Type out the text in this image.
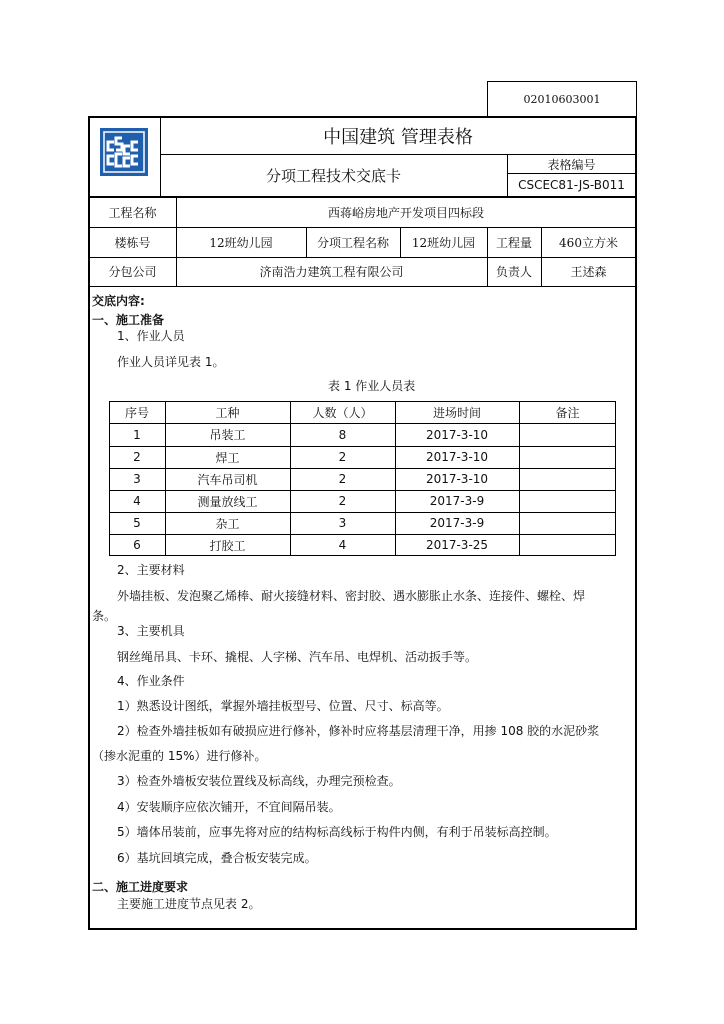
02010603001
中国建筑 管理表格
分项工程技术交底卡
表格编号
CSCEC81-JS-B011
工程名称	西蒋峪房地产开发项目四标段
楼栋号	12班幼儿园	分项工程名称	12班幼儿园	工程量	460立方米
分包公司	济南浩力建筑工程有限公司	负责人	王述森
交底内容:
一、施工准备
1、作业人员
作业人员详见表 1。
表 1 作业人员表
2、主要材料
外墙挂板、发泡聚乙烯棒、耐火接缝材料、密封胶、遇水膨胀止水条、连接件、螺栓、焊
条。
3、主要机具
钢丝绳吊具、卡环、撬棍、人字梯、汽车吊、电焊机、活动扳手等。
4、作业条件
1）熟悉设计图纸，掌握外墙挂板型号、位置、尺寸、标高等。
2）检查外墙挂板如有破损应进行修补，修补时应将基层清理干净，用掺 108 胶的水泥砂浆
（掺水泥重的 15%）进行修补。
3）检查外墙板安装位置线及标高线，办理完预检查。
4）安装顺序应依次铺开，不宜间隔吊装。
5）墙体吊装前，应事先将对应的结构标高线标于构件内侧，有利于吊装标高控制。
6）基坑回填完成，叠合板安装完成。
二、施工进度要求
主要施工进度节点见表 2。
序号	工种	人数（人）	进场时间	备注
1	吊装工	8	2017-3-10
2	焊工	2	2017-3-10
3	汽车吊司机	2	2017-3-10
4	测量放线工	2	2017-3-9
5	杂工	3	2017-3-9
6	打胶工	4	2017-3-25
